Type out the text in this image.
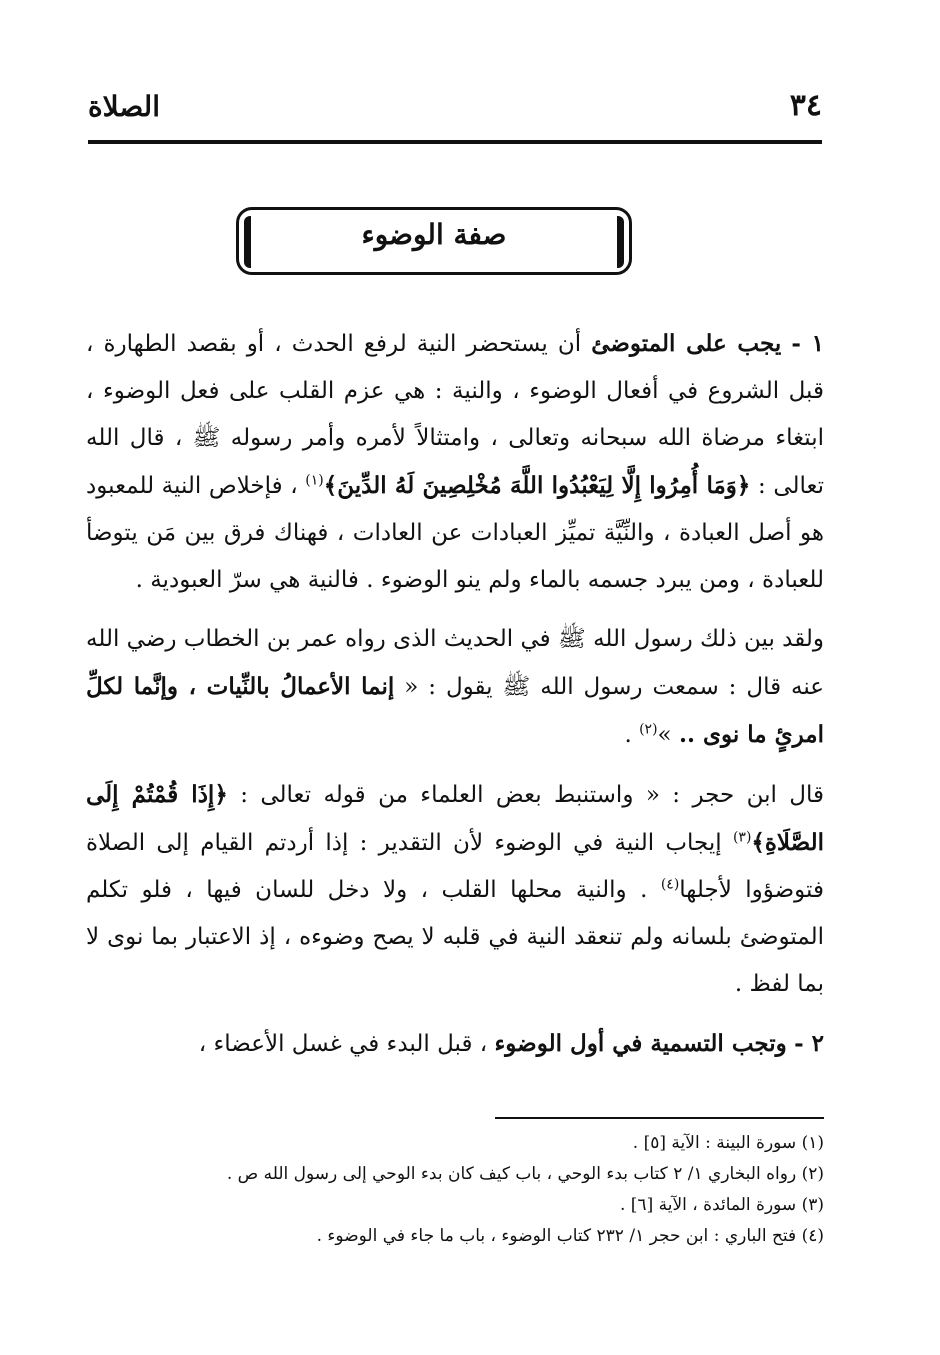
٣٤
الصلاة
صفة الوضوء

١ - يجب على المتوضئ أن يستحضر النية لرفع الحدث ، أو بقصد الطهارة ، قبل الشروع في أفعال الوضوء ، والنية : هي عزم القلب على فعل الوضوء ، ابتغاء مرضاة الله سبحانه وتعالى ، وامتثالاً لأمره وأمر رسوله ﷺ ، قال الله تعالى : ﴿وَمَا أُمِرُوا إِلَّا لِيَعْبُدُوا اللَّهَ مُخْلِصِينَ لَهُ الدِّينَ﴾$^{(١)}$ ، فإخلاص النية للمعبود هو أصل العبادة ، والنِّيَّة تميِّز العبادات عن العادات ، فهناك فرق بين مَن يتوضأ للعبادة ، ومن يبرد جسمه بالماء ولم ينو الوضوء . فالنية هي سرّ العبودية .

ولقد بين ذلك رسول الله ﷺ في الحديث الذى رواه عمر بن الخطاب رضي الله عنه قال : سمعت رسول الله ﷺ يقول : « إنما الأعمالُ بالنِّيات ، وإنَّما لكلِّ امرئٍ ما نوى .. »$^{(٢)}$ .

قال ابن حجر : « واستنبط بعض العلماء من قوله تعالى : ﴿إِذَا قُمْتُمْ إِلَى الصَّلَاةِ﴾$^{(٣)}$ إيجاب النية في الوضوء لأن التقدير : إذا أردتم القيام إلى الصلاة فتوضؤوا لأجلها$^{(٤)}$ . والنية محلها القلب ، ولا دخل للسان فيها ، فلو تكلم المتوضئ بلسانه ولم تنعقد النية في قلبه لا يصح وضوءه ، إذ الاعتبار بما نوى لا بما لفظ .

٢ - وتجب التسمية في أول الوضوء ، قبل البدء في غسل الأعضاء ،

(١) سورة البينة : الآية [٥] .
(٢) رواه البخاري ١/ ٢ كتاب بدء الوحي ، باب كيف كان بدء الوحي إلى رسول الله ص .
(٣) سورة المائدة ، الآية [٦] .
(٤) فتح الباري : ابن حجر ١/ ٢٣٢ كتاب الوضوء ، باب ما جاء في الوضوء .
